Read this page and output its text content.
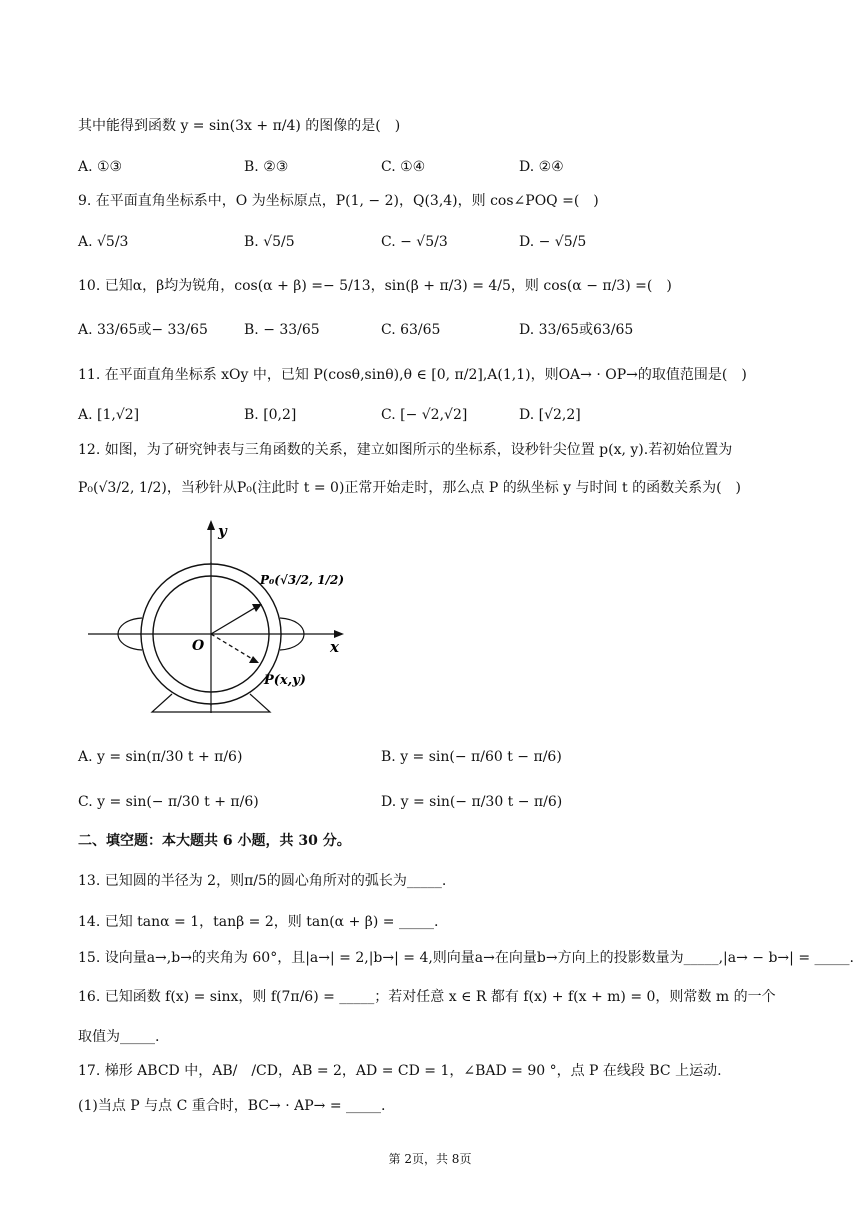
其中能得到函数 y = sin(3x + π/4) 的图像的是(　)
A. ①③	B. ②③	C. ①④	D. ②④
9. 在平面直角坐标系中，O 为坐标原点，P(1, − 2)，Q(3,4)，则 cos∠POQ =(　)
A. √5/3	B. √5/5	C. − √5/3	D. − √5/5
10. 已知α，β均为锐角，cos(α + β) =− 5/13，sin(β + π/3) = 4/5，则 cos(α − π/3) =(　)
A. 33/65或− 33/65	B. − 33/65	C. 63/65	D. 33/65或63/65
11. 在平面直角坐标系 xOy 中，已知 P(cosθ,sinθ),θ ∈ [0, π/2],A(1,1)，则OA→ · OP→的取值范围是(　)
A. [1,√2]	B. [0,2]	C. [− √2,√2]	D. [√2,2]
12. 如图，为了研究钟表与三角函数的关系，建立如图所示的坐标系，设秒针尖位置 p(x, y).若初始位置为
P₀(√3/2, 1/2)，当秒针从P₀(注此时 t = 0)正常开始走时，那么点 P 的纵坐标 y 与时间 t 的函数关系为(　)
y
x
O
P₀(√3/2, 1/2)
P(x,y)
A. y = sin(π/30 t + π/6)	B. y = sin(− π/60 t − π/6)
C. y = sin(− π/30 t + π/6)	D. y = sin(− π/30 t − π/6)
二、填空题：本大题共 6 小题，共 30 分。
13. 已知圆的半径为 2，则π/5的圆心角所对的弧长为_____.
14. 已知 tanα = 1，tanβ = 2，则 tan(α + β) = _____.
15. 设向量a→,b→的夹角为 60°，且|a→| = 2,|b→| = 4,则向量a→在向量b→方向上的投影数量为_____,|a→ − b→| = _____.
16. 已知函数 f(x) = sinx，则 f(7π/6) = _____；若对任意 x ∈ R 都有 f(x) + f(x + m) = 0，则常数 m 的一个
取值为_____.
17. 梯形 ABCD 中，AB/　/CD，AB = 2，AD = CD = 1，∠BAD = 90 °，点 P 在线段 BC 上运动.
(1)当点 P 与点 C 重合时，BC→ · AP→ = _____.
第 2页，共 8页
